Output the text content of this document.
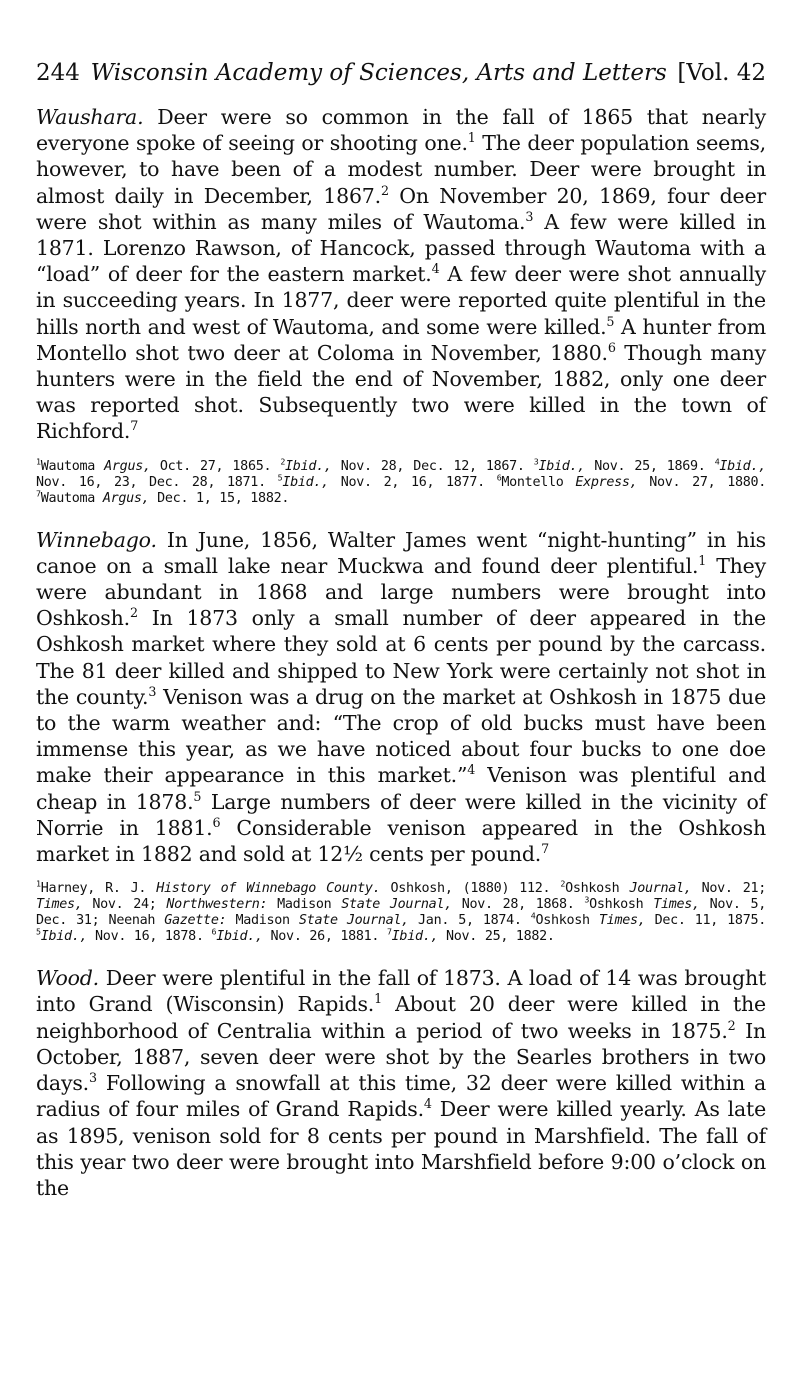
244 Wisconsin Academy of Sciences, Arts and Letters [Vol. 42

Waushara. Deer were so common in the fall of 1865 that nearly everyone spoke of seeing or shooting one.$^1$ The deer population seems, however, to have been of a modest number. Deer were brought in almost daily in December, 1867.$^2$ On November 20, 1869, four deer were shot within as many miles of Wautoma.$^3$ A few were killed in 1871. Lorenzo Rawson, of Hancock, passed through Wautoma with a “load” of deer for the eastern market.$^4$ A few deer were shot annually in succeeding years. In 1877, deer were reported quite plentiful in the hills north and west of Wautoma, and some were killed.$^5$ A hunter from Montello shot two deer at Coloma in November, 1880.$^6$ Though many hunters were in the field the end of November, 1882, only one deer was reported shot. Subsequently two were killed in the town of Richford.$^7$

$^1$Wautoma Argus, Oct. 27, 1865. $^2$Ibid., Nov. 28, Dec. 12, 1867. $^3$Ibid., Nov. 25, 1869. $^4$Ibid., Nov. 16, 23, Dec. 28, 1871. $^5$Ibid., Nov. 2, 16, 1877. $^6$Montello Express, Nov. 27, 1880. $^7$Wautoma Argus, Dec. 1, 15, 1882.

Winnebago. In June, 1856, Walter James went “night-hunting” in his canoe on a small lake near Muckwa and found deer plentiful.$^1$ They were abundant in 1868 and large numbers were brought into Oshkosh.$^2$ In 1873 only a small number of deer appeared in the Oshkosh market where they sold at 6 cents per pound by the carcass. The 81 deer killed and shipped to New York were certainly not shot in the county.$^3$ Venison was a drug on the market at Oshkosh in 1875 due to the warm weather and: “The crop of old bucks must have been immense this year, as we have noticed about four bucks to one doe make their appearance in this market.”$^4$ Venison was plentiful and cheap in 1878.$^5$ Large numbers of deer were killed in the vicinity of Norrie in 1881.$^6$ Considerable venison appeared in the Oshkosh market in 1882 and sold at 12½ cents per pound.$^7$

$^1$Harney, R. J. History of Winnebago County. Oshkosh, (1880) 112. $^2$Oshkosh Journal, Nov. 21; Times, Nov. 24; Northwestern: Madison State Journal, Nov. 28, 1868. $^3$Oshkosh Times, Nov. 5, Dec. 31; Neenah Gazette: Madison State Journal, Jan. 5, 1874. $^4$Oshkosh Times, Dec. 11, 1875. $^5$Ibid., Nov. 16, 1878. $^6$Ibid., Nov. 26, 1881. $^7$Ibid., Nov. 25, 1882.

Wood. Deer were plentiful in the fall of 1873. A load of 14 was brought into Grand (Wisconsin) Rapids.$^1$ About 20 deer were killed in the neighborhood of Centralia within a period of two weeks in 1875.$^2$ In October, 1887, seven deer were shot by the Searles brothers in two days.$^3$ Following a snowfall at this time, 32 deer were killed within a radius of four miles of Grand Rapids.$^4$ Deer were killed yearly. As late as 1895, venison sold for 8 cents per pound in Marshfield. The fall of this year two deer were brought into Marshfield before 9:00 o’clock on the
